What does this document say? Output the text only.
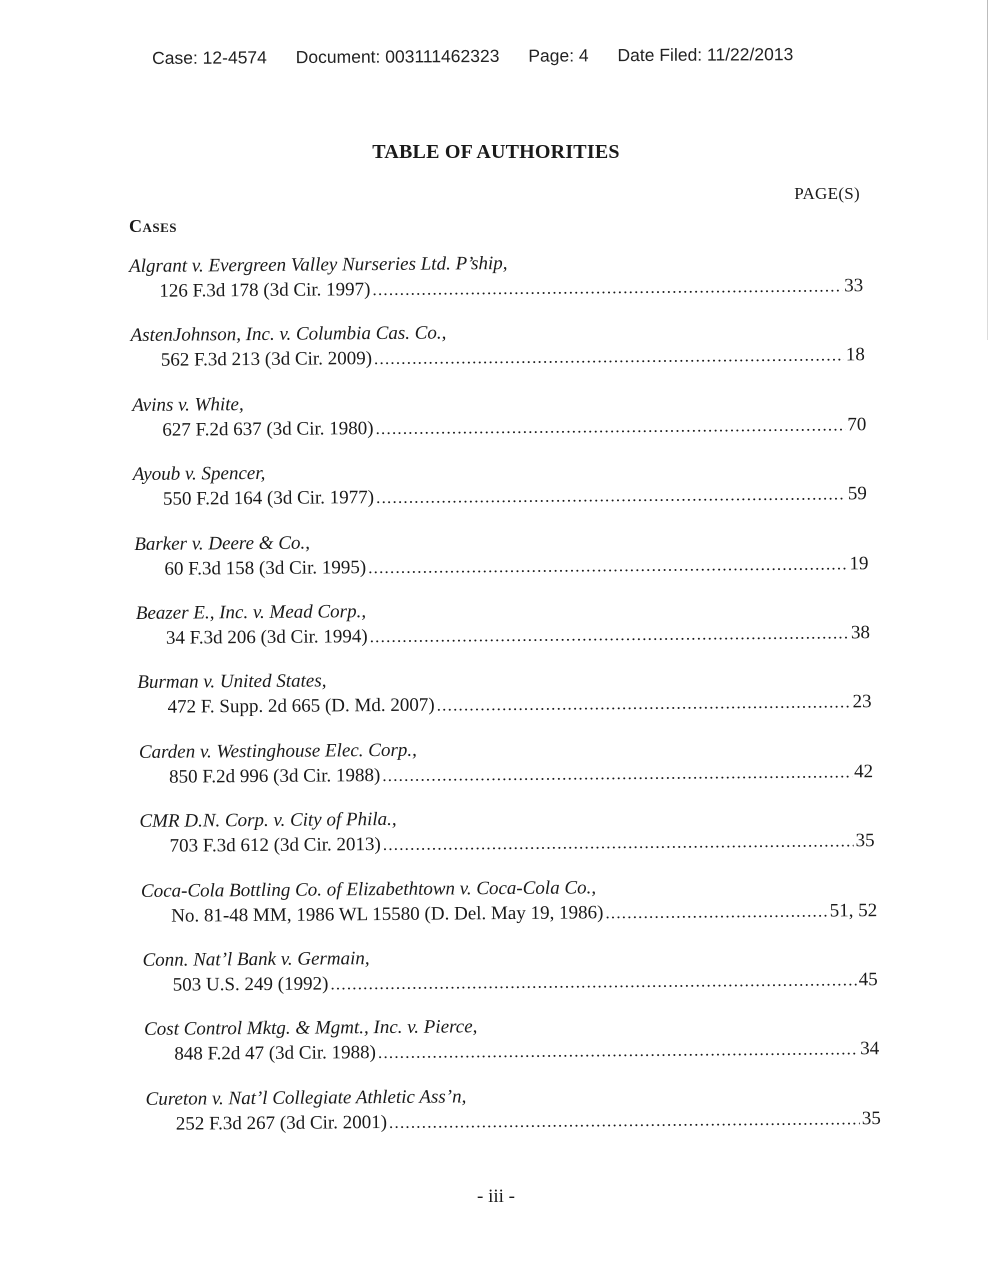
Case: 12-4574 Document: 003111462323 Page: 4 Date Filed: 11/22/2013
TABLE OF AUTHORITIES
PAGE(S)
Cases
Algrant v. Evergreen Valley Nurseries Ltd. P’ship,
126 F.3d 178 (3d Cir. 1997) .....	33
AstenJohnson, Inc. v. Columbia Cas. Co.,
562 F.3d 213 (3d Cir. 2009) .....	18
Avins v. White,
627 F.2d 637 (3d Cir. 1980) .....	70
Ayoub v. Spencer,
550 F.2d 164 (3d Cir. 1977) .....	59
Barker v. Deere & Co.,
60 F.3d 158 (3d Cir. 1995) .....	19
Beazer E., Inc. v. Mead Corp.,
34 F.3d 206 (3d Cir. 1994) .....	38
Burman v. United States,
472 F. Supp. 2d 665 (D. Md. 2007) .....	23
Carden v. Westinghouse Elec. Corp.,
850 F.2d 996 (3d Cir. 1988) .....	42
CMR D.N. Corp. v. City of Phila.,
703 F.3d 612 (3d Cir. 2013) .....	35
Coca-Cola Bottling Co. of Elizabethtown v. Coca-Cola Co.,
No. 81-48 MM, 1986 WL 15580 (D. Del. May 19, 1986) .....	51, 52
Conn. Nat’l Bank v. Germain,
503 U.S. 249 (1992) .....	45
Cost Control Mktg. & Mgmt., Inc. v. Pierce,
848 F.2d 47 (3d Cir. 1988) .....	34
Cureton v. Nat’l Collegiate Athletic Ass’n,
252 F.3d 267 (3d Cir. 2001) .....	35
- iii -
